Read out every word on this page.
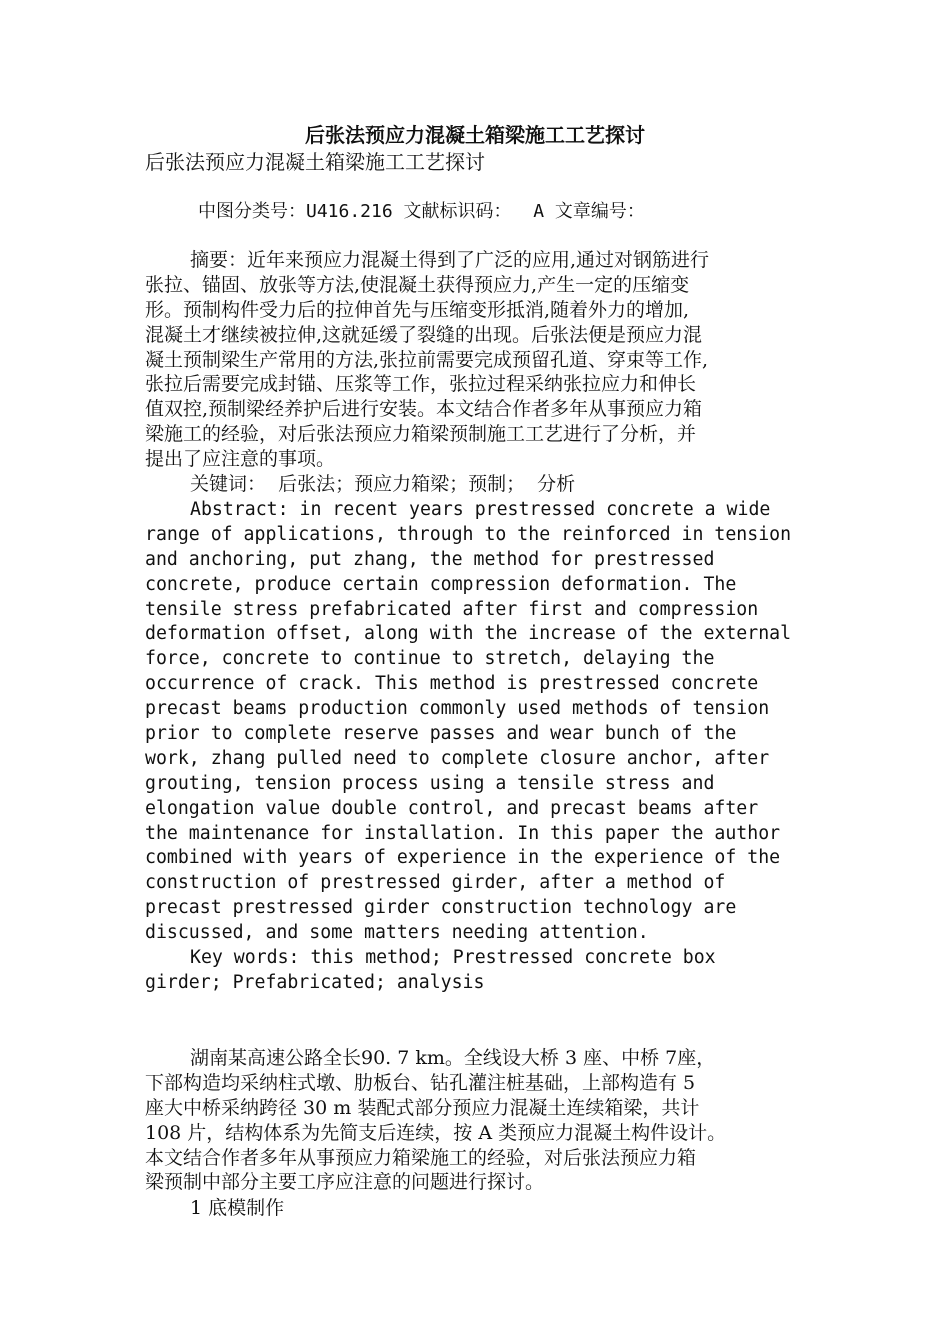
后张法预应力混凝土箱梁施工工艺探讨
后张法预应力混凝土箱梁施工工艺探讨
中图分类号：U416.216 文献标识码：  A 文章编号：
摘要：近年来预应力混凝土得到了广泛的应用,通过对钢筋进行
张拉、锚固、放张等方法,使混凝土获得预应力,产生一定的压缩变
形。预制构件受力后的拉伸首先与压缩变形抵消,随着外力的增加,
混凝土才继续被拉伸,这就延缓了裂缝的出现。后张法便是预应力混
凝土预制梁生产常用的方法,张拉前需要完成预留孔道、穿束等工作,
张拉后需要完成封锚、压浆等工作，张拉过程采纳张拉应力和伸长
值双控,预制梁经养护后进行安装。本文结合作者多年从事预应力箱
梁施工的经验，对后张法预应力箱梁预制施工工艺进行了分析，并
提出了应注意的事项。
关键词：  后张法；预应力箱梁；预制；  分析
Abstract: in recent years prestressed concrete a wide
range of applications, through to the reinforced in tension
and anchoring, put zhang, the method for prestressed
concrete, produce certain compression deformation. The
tensile stress prefabricated after first and compression
deformation offset, along with the increase of the external
force, concrete to continue to stretch, delaying the
occurrence of crack. This method is prestressed concrete
precast beams production commonly used methods of tension
prior to complete reserve passes and wear bunch of the
work, zhang pulled need to complete closure anchor, after
grouting, tension process using a tensile stress and
elongation value double control, and precast beams after
the maintenance for installation. In this paper the author
combined with years of experience in the experience of the
construction of prestressed girder, after a method of
precast prestressed girder construction technology are
discussed, and some matters needing attention.
Key words: this method; Prestressed concrete box
girder; Prefabricated; analysis
湖南某高速公路全长90. 7 km。全线设大桥 3 座、中桥 7座，
下部构造均采纳柱式墩、肋板台、钻孔灌注桩基础，上部构造有 5
座大中桥采纳跨径 30 m 装配式部分预应力混凝土连续箱梁，共计
108 片，结构体系为先简支后连续，按 A 类预应力混凝土构件设计。
本文结合作者多年从事预应力箱梁施工的经验，对后张法预应力箱
梁预制中部分主要工序应注意的问题进行探讨。
1 底模制作
